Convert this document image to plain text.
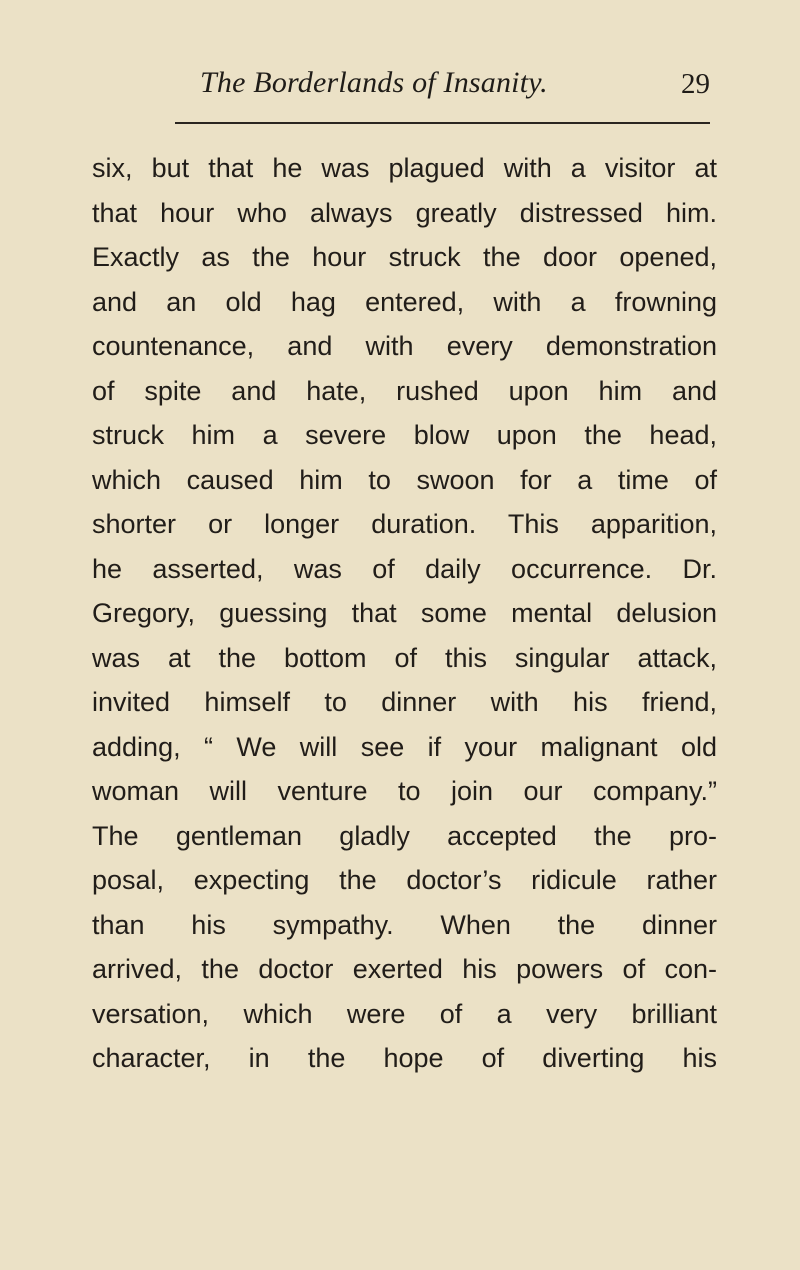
The Borderlands of Insanity.	29
six, but that he was plagued with a visitor at
that hour who always greatly distressed him.
Exactly as the hour struck the door opened,
and an old hag entered, with a frowning
countenance, and with every demonstration
of spite and hate, rushed upon him and
struck him a severe blow upon the head,
which caused him to swoon for a time of
shorter or longer duration. This apparition,
he asserted, was of daily occurrence. Dr.
Gregory, guessing that some mental delusion
was at the bottom of this singular attack,
invited himself to dinner with his friend,
adding, “ We will see if your malignant old
woman will venture to join our company.”
The gentleman gladly accepted the pro-
posal, expecting the doctor’s ridicule rather
than his sympathy. When the dinner
arrived, the doctor exerted his powers of con-
versation, which were of a very brilliant
character, in the hope of diverting his
